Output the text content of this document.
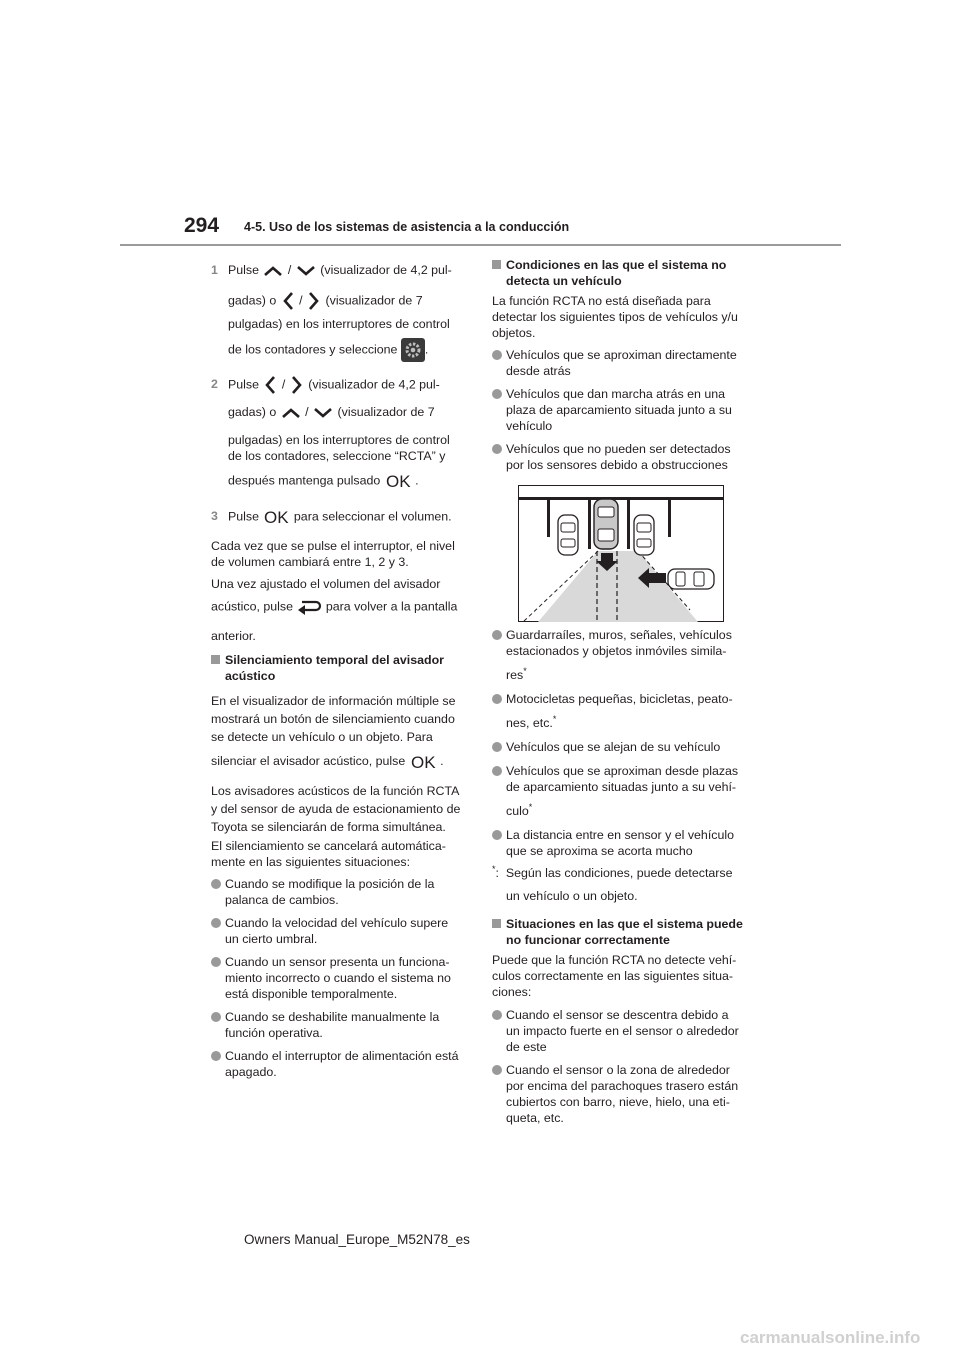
294 4-5. Uso de los sistemas de asistencia a la conducción
1 Pulse / (visualizador de 4,2 pul-
gadas) o / (visualizador de 7
pulgadas) en los interruptores de control
de los contadores y seleccione .
2 Pulse / (visualizador de 4,2 pul-
gadas) o / (visualizador de 7
pulgadas) en los interruptores de control
de los contadores, seleccione “RCTA” y
después mantenga pulsado OK .
3 Pulse OK para seleccionar el volumen.
Cada vez que se pulse el interruptor, el nivel
de volumen cambiará entre 1, 2 y 3.
Una vez ajustado el volumen del avisador
acústico, pulse	para volver a la pantalla
anterior.
Silenciamiento temporal del avisador
acústico
En el visualizador de información múltiple se
mostrará un botón de silenciamiento cuando
se detecte un vehículo o un objeto. Para
silenciar el avisador acústico, pulse OK .
Los avisadores acústicos de la función RCTA
y del sensor de ayuda de estacionamiento de
Toyota se silenciarán de forma simultánea.
El silenciamiento se cancelará automática-
mente en las siguientes situaciones:
Cuando se modifique la posición de la
palanca de cambios.
Cuando la velocidad del vehículo supere
un cierto umbral.
Cuando un sensor presenta un funciona-
miento incorrecto o cuando el sistema no
está disponible temporalmente.
Cuando se deshabilite manualmente la
función operativa.
Cuando el interruptor de alimentación está
apagado.
Condiciones en las que el sistema no
detecta un vehículo
La función RCTA no está diseñada para
detectar los siguientes tipos de vehículos y/u
objetos.
Vehículos que se aproximan directamente
desde atrás
Vehículos que dan marcha atrás en una
plaza de aparcamiento situada junto a su
vehículo
Vehículos que no pueden ser detectados
por los sensores debido a obstrucciones
Guardarraíles, muros, señales, vehículos
estacionados y objetos inmóviles simila-
res*
Motocicletas pequeñas, bicicletas, peato-
nes, etc.*
Vehículos que se alejan de su vehículo
Vehículos que se aproximan desde plazas
de aparcamiento situadas junto a su vehí-
culo*
La distancia entre en sensor y el vehículo
que se aproxima se acorta mucho
*: Según las condiciones, puede detectarse
un vehículo o un objeto.
Situaciones en las que el sistema puede
no funcionar correctamente
Puede que la función RCTA no detecte vehí-
culos correctamente en las siguientes situa-
ciones:
Cuando el sensor se descentra debido a
un impacto fuerte en el sensor o alrededor
de este
Cuando el sensor o la zona de alrededor
por encima del parachoques trasero están
cubiertos con barro, nieve, hielo, una eti-
queta, etc.
Owners Manual_Europe_M52N78_es
carmanualsonline.info
